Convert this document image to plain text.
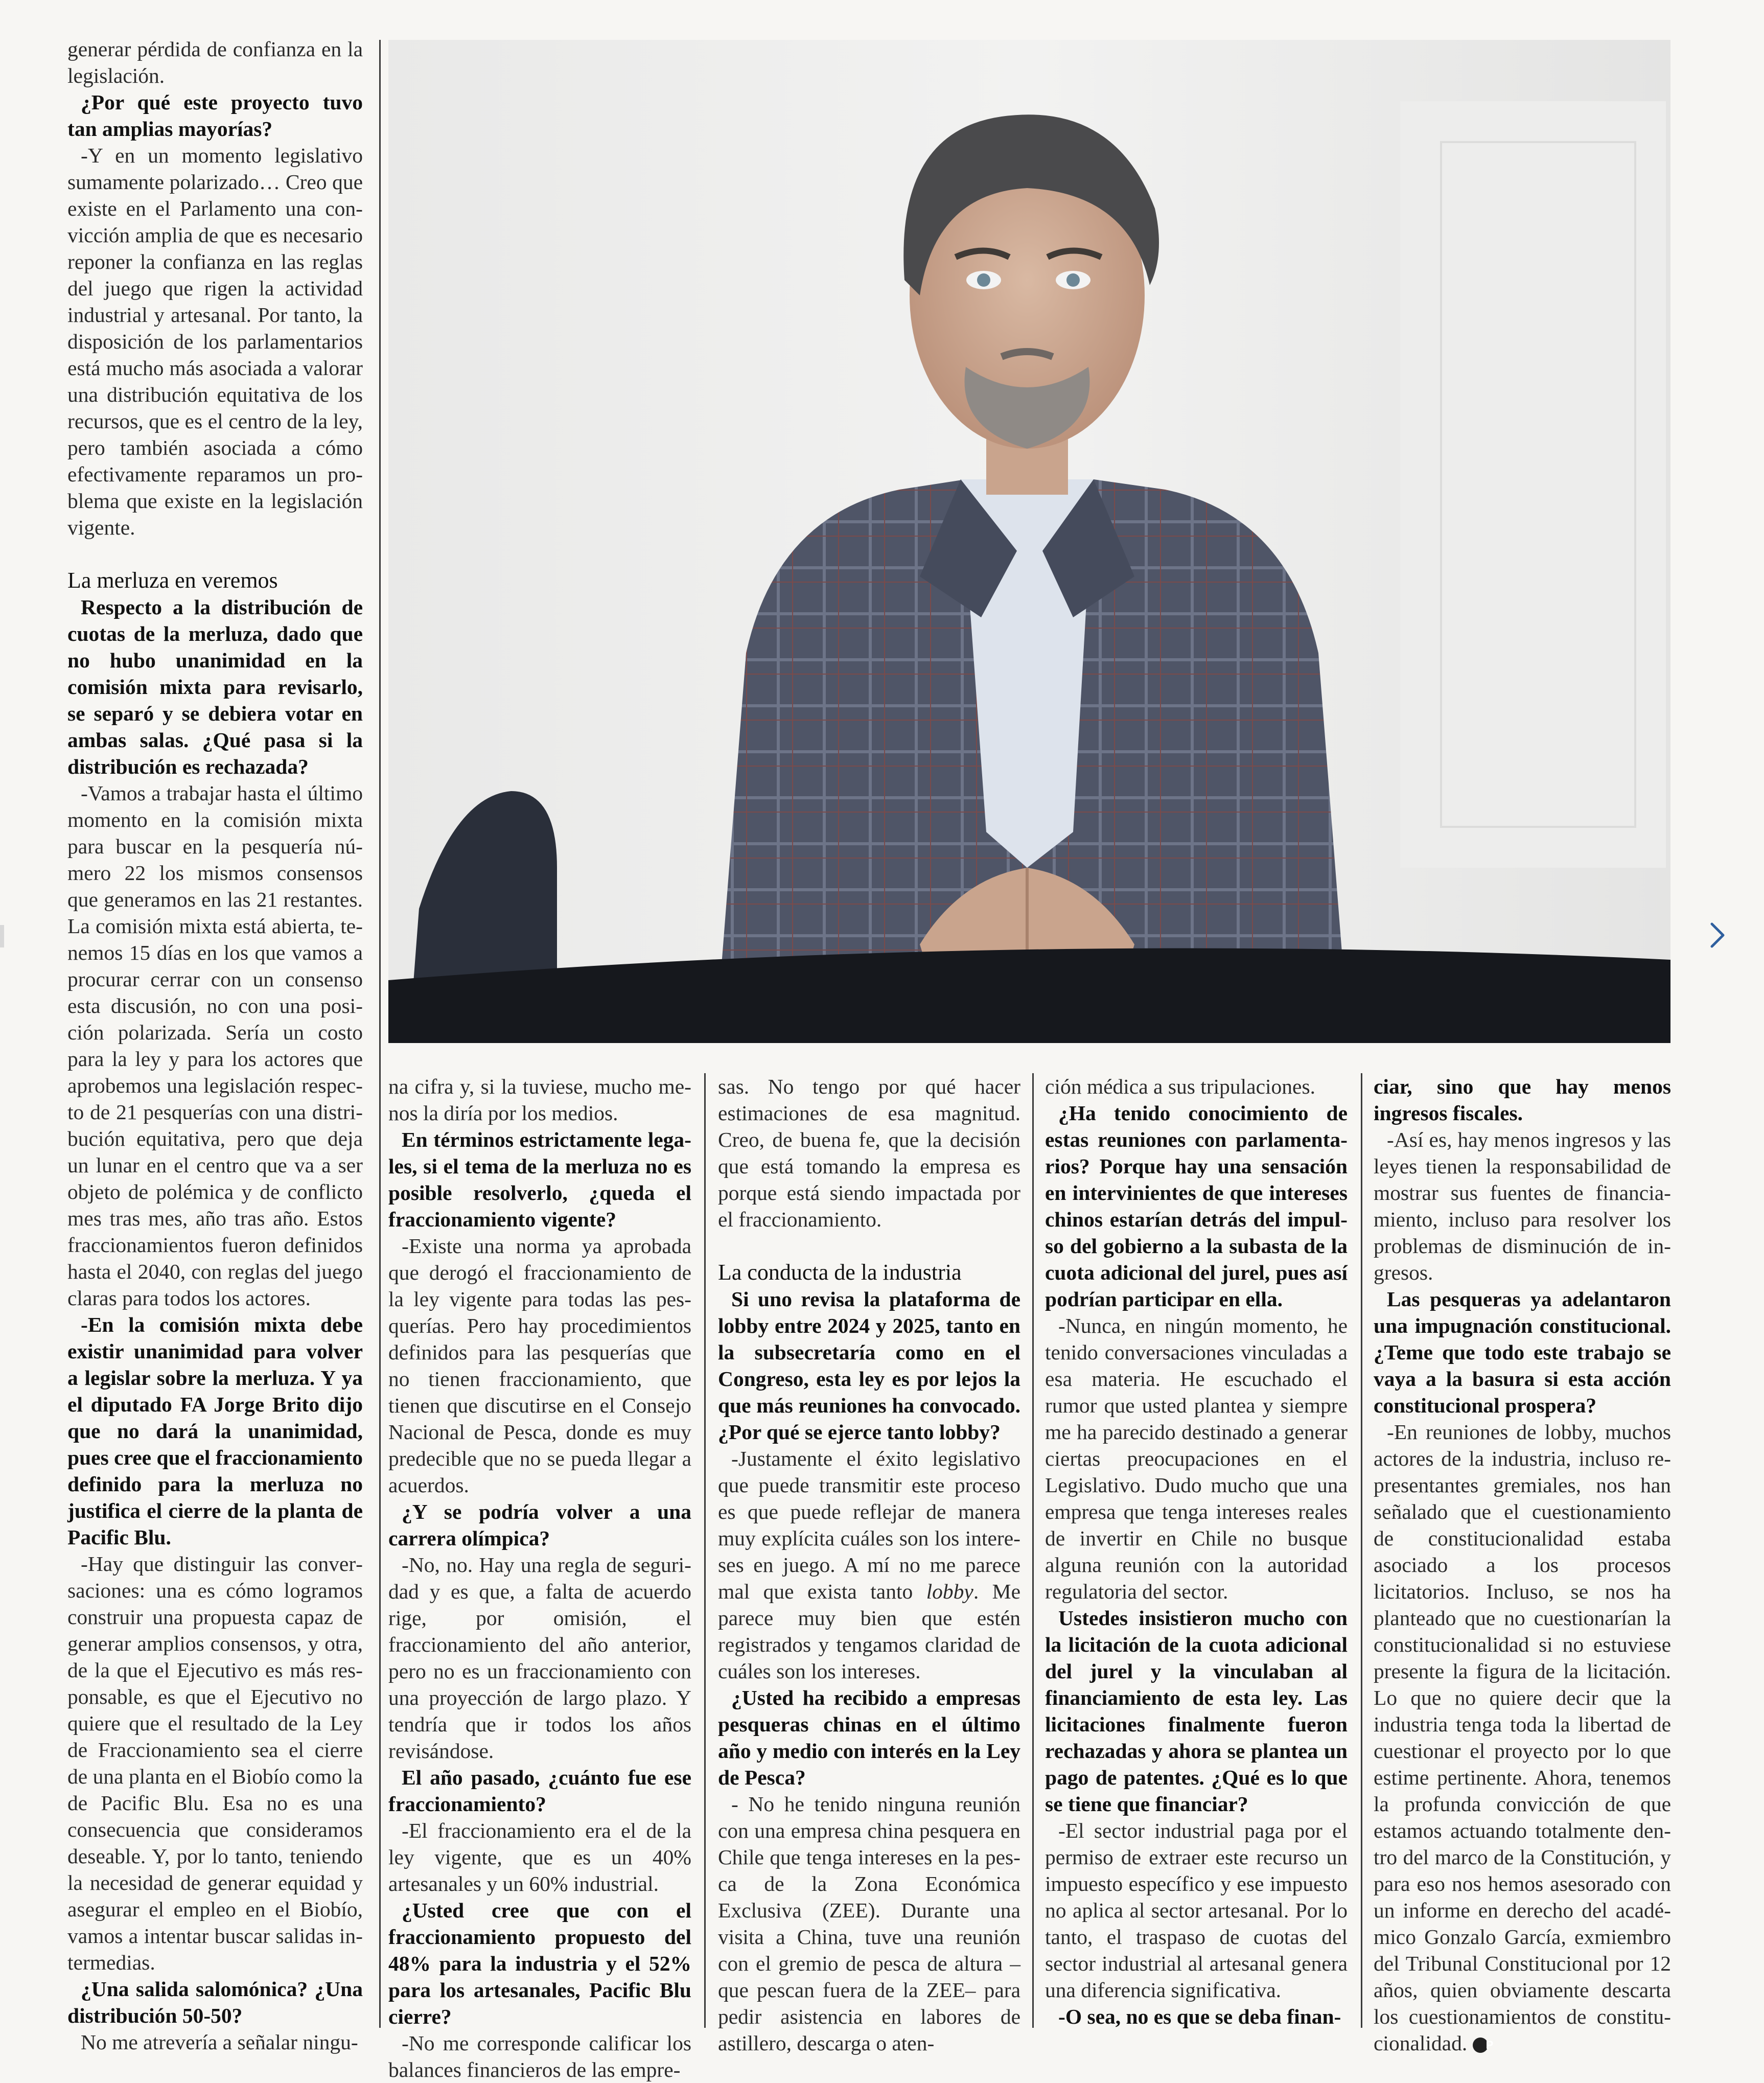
generar pérdida de confianza en la legislación.

¿Por qué este proyecto tuvo tan amplias mayorías?

-Y en un momento legislativo sumamente polarizado… Creo que existe en el Parlamento una convicción amplia de que es necesario reponer la confianza en las reglas del juego que rigen la actividad industrial y artesanal. Por tanto, la disposición de los parlamentarios está mucho más asociada a valorar una distribución equitativa de los recursos, que es el centro de la ley, pero también asociada a cómo efectivamente reparamos un problema que existe en la legislación vigente.

La merluza en veremos

Respecto a la distribución de cuotas de la merluza, dado que no hubo unanimidad en la comisión mixta para revisarlo, se separó y se debiera votar en ambas salas. ¿Qué pasa si la distribución es rechazada?

-Vamos a trabajar hasta el último momento en la comisión mixta para buscar en la pesquería número 22 los mismos consensos que generamos en las 21 restantes. La comisión mixta está abierta, tenemos 15 días en los que vamos a procurar cerrar con un consenso esta discusión, no con una posición polarizada. Sería un costo para la ley y para los actores que aprobemos una legislación respecto de 21 pesquerías con una distribución equitativa, pero que deja un lunar en el centro que va a ser objeto de polémica y de conflicto mes tras mes, año tras año. Estos fraccionamientos fueron definidos hasta el 2040, con reglas del juego claras para todos los actores.

-En la comisión mixta debe existir unanimidad para volver a legislar sobre la merluza. Y ya el diputado FA Jorge Brito dijo que no dará la unanimidad, pues cree que el fraccionamiento definido para la merluza no justifica el cierre de la planta de Pacific Blu.

-Hay que distinguir las conversaciones: una es cómo logramos construir una propuesta capaz de generar amplios consensos, y otra, de la que el Ejecutivo es más responsable, es que el Ejecutivo no quiere que el resultado de la Ley de Fraccionamiento sea el cierre de una planta en el Biobío como la de Pacific Blu. Esa no es una consecuencia que consideramos deseable. Y, por lo tanto, teniendo la necesidad de generar equidad y asegurar el empleo en el Biobío, vamos a intentar buscar salidas intermedias.

¿Una salida salomónica? ¿Una distribución 50-50?

No me atrevería a señalar ningu-

na cifra y, si la tuviese, mucho menos la diría por los medios.

En términos estrictamente legales, si el tema de la merluza no es posible resolverlo, ¿queda el fraccionamiento vigente?

-Existe una norma ya aprobada que derogó el fraccionamiento de la ley vigente para todas las pesquerías. Pero hay procedimientos definidos para las pesquerías que no tienen fraccionamiento, que tienen que discutirse en el Consejo Nacional de Pesca, donde es muy predecible que no se pueda llegar a acuerdos.

¿Y se podría volver a una carrera olímpica?

-No, no. Hay una regla de seguridad y es que, a falta de acuerdo rige, por omisión, el fraccionamiento del año anterior, pero no es un fraccionamiento con una proyección de largo plazo. Y tendría que ir todos los años revisándose.

El año pasado, ¿cuánto fue ese fraccionamiento?

-El fraccionamiento era el de la ley vigente, que es un 40% artesanales y un 60% industrial.

¿Usted cree que con el fraccionamiento propuesto del 48% para la industria y el 52% para los artesanales, Pacific Blu cierre?

-No me corresponde calificar los balances financieros de las empre-

sas. No tengo por qué hacer estimaciones de esa magnitud. Creo, de buena fe, que la decisión que está tomando la empresa es porque está siendo impactada por el fraccionamiento.

La conducta de la industria

Si uno revisa la plataforma de lobby entre 2024 y 2025, tanto en la subsecretaría como en el Congreso, esta ley es por lejos la que más reuniones ha convocado. ¿Por qué se ejerce tanto lobby?

-Justamente el éxito legislativo que puede transmitir este proceso es que puede reflejar de manera muy explícita cuáles son los intereses en juego. A mí no me parece mal que exista tanto lobby. Me parece muy bien que estén registrados y tengamos claridad de cuáles son los intereses.

¿Usted ha recibido a empresas pesqueras chinas en el último año y medio con interés en la Ley de Pesca?

- No he tenido ninguna reunión con una empresa china pesquera en Chile que tenga intereses en la pesca de la Zona Económica Exclusiva (ZEE). Durante una visita a China, tuve una reunión con el gremio de pesca de altura –que pescan fuera de la ZEE– para pedir asistencia en labores de astillero, descarga o aten-

ción médica a sus tripulaciones.

¿Ha tenido conocimiento de estas reuniones con parlamentarios? Porque hay una sensación en intervinientes de que intereses chinos estarían detrás del impulso del gobierno a la subasta de la cuota adicional del jurel, pues así podrían participar en ella.

-Nunca, en ningún momento, he tenido conversaciones vinculadas a esa materia. He escuchado el rumor que usted plantea y siempre me ha parecido destinado a generar ciertas preocupaciones en el Legislativo. Dudo mucho que una empresa que tenga intereses reales de invertir en Chile no busque alguna reunión con la autoridad regulatoria del sector.

Ustedes insistieron mucho con la licitación de la cuota adicional del jurel y la vinculaban al financiamiento de esta ley. Las licitaciones finalmente fueron rechazadas y ahora se plantea un pago de patentes. ¿Qué es lo que se tiene que financiar?

-El sector industrial paga por el permiso de extraer este recurso un impuesto específico y ese impuesto no aplica al sector artesanal. Por lo tanto, el traspaso de cuotas del sector industrial al artesanal genera una diferencia significativa.

-O sea, no es que se deba finan-

ciar, sino que hay menos ingresos fiscales.

-Así es, hay menos ingresos y las leyes tienen la responsabilidad de mostrar sus fuentes de financiamiento, incluso para resolver los problemas de disminución de ingresos.

Las pesqueras ya adelantaron una impugnación constitucional. ¿Teme que todo este trabajo se vaya a la basura si esta acción constitucional prospera?

-En reuniones de lobby, muchos actores de la industria, incluso representantes gremiales, nos han señalado que el cuestionamiento de constitucionalidad estaba asociado a los procesos licitatorios. Incluso, se nos ha planteado que no cuestionarían la constitucionalidad si no estuviese presente la figura de la licitación. Lo que no quiere decir que la industria tenga toda la libertad de cuestionar el proyecto por lo que estime pertinente. Ahora, tenemos la profunda convicción de que estamos actuando totalmente dentro del marco de la Constitución, y para eso nos hemos asesorado con un informe en derecho del académico Gonzalo García, exmiembro del Tribunal Constitucional por 12 años, quien obviamente descarta los cuestionamientos de constitucionalidad. P
